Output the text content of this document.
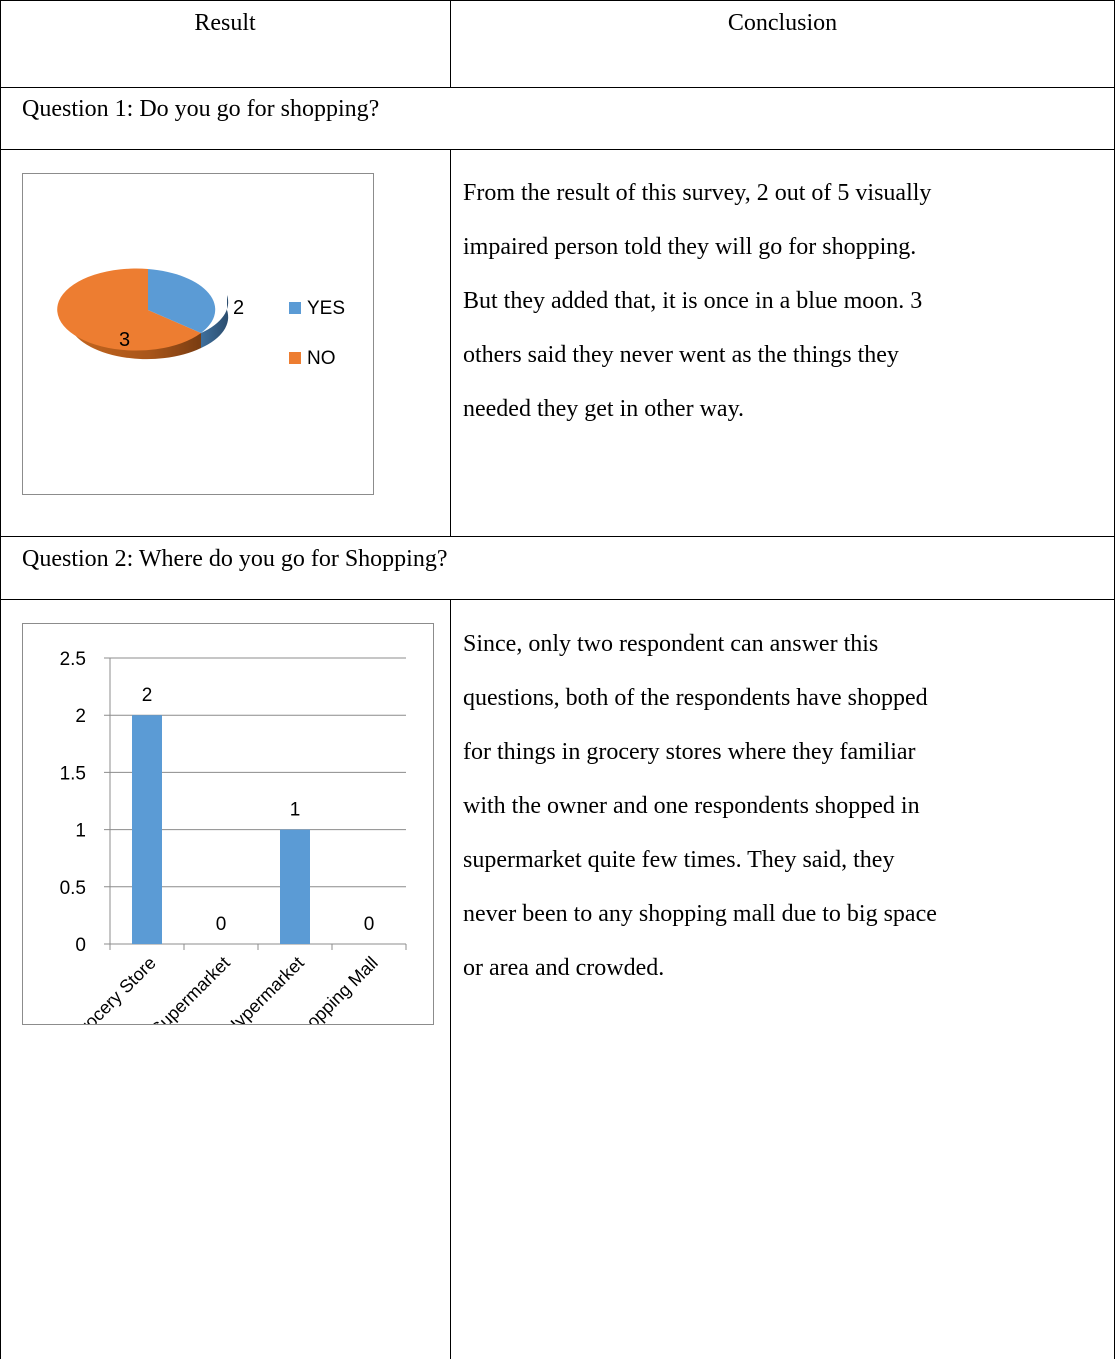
Result	Conclusion
Question 1: Do you go for shopping?
2
3
YES
NO

From the result of this survey, 2 out of 5 visually

impaired person told they will go for shopping.

But they added that, it is once in a blue moon. 3

others said they never went as the things they

needed they get in other way.

Question 2: Where do you go for Shopping?
0
0.5
1
1.5
2
2.5
2
Grocery Store
0
Supermarket
1
Hypermarket
0
Shopping Mall

Since, only two respondent can answer this

questions, both of the respondents have shopped

for things in grocery stores where they familiar

with the owner and one respondents shopped in

supermarket quite few times. They said, they

never been to any shopping mall due to big space

or area and crowded.
